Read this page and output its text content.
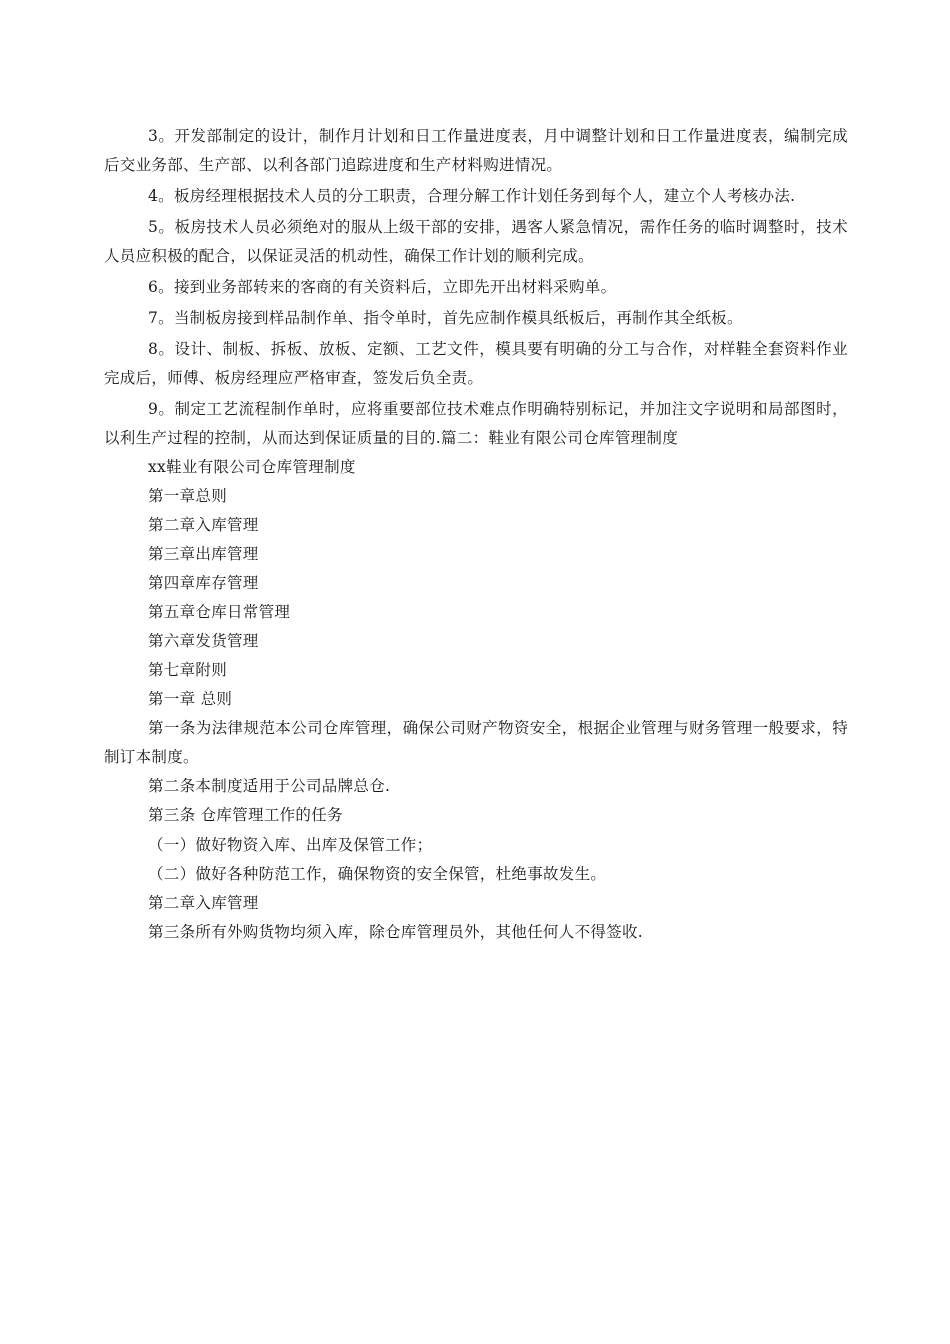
3。开发部制定的设计，制作月计划和日工作量进度表，月中调整计划和日工作量进度表，编制完成后交业务部、生产部、以利各部门追踪进度和生产材料购进情况。

4。板房经理根据技术人员的分工职责，合理分解工作计划任务到每个人，建立个人考核办法.

5。板房技术人员必须绝对的服从上级干部的安排，遇客人紧急情况，需作任务的临时调整时，技术人员应积极的配合，以保证灵活的机动性，确保工作计划的顺利完成。

6。接到业务部转来的客商的有关资料后，立即先开出材料采购单。

7。当制板房接到样品制作单、指令单时，首先应制作模具纸板后，再制作其全纸板。

8。设计、制板、拆板、放板、定额、工艺文件，模具要有明确的分工与合作，对样鞋全套资料作业完成后，师傅、板房经理应严格审查，签发后负全责。

9。制定工艺流程制作单时，应将重要部位技术难点作明确特别标记，并加注文字说明和局部图时，以利生产过程的控制，从而达到保证质量的目的.篇二：鞋业有限公司仓库管理制度

xx鞋业有限公司仓库管理制度

第一章总则

第二章入库管理

第三章出库管理

第四章库存管理

第五章仓库日常管理

第六章发货管理

第七章附则

第一章 总则

第一条为法律规范本公司仓库管理，确保公司财产物资安全，根据企业管理与财务管理一般要求，特制订本制度。

第二条本制度适用于公司品牌总仓.

第三条 仓库管理工作的任务

（一）做好物资入库、出库及保管工作；

（二）做好各种防范工作，确保物资的安全保管，杜绝事故发生。

第二章入库管理

第三条所有外购货物均须入库，除仓库管理员外，其他任何人不得签收.
